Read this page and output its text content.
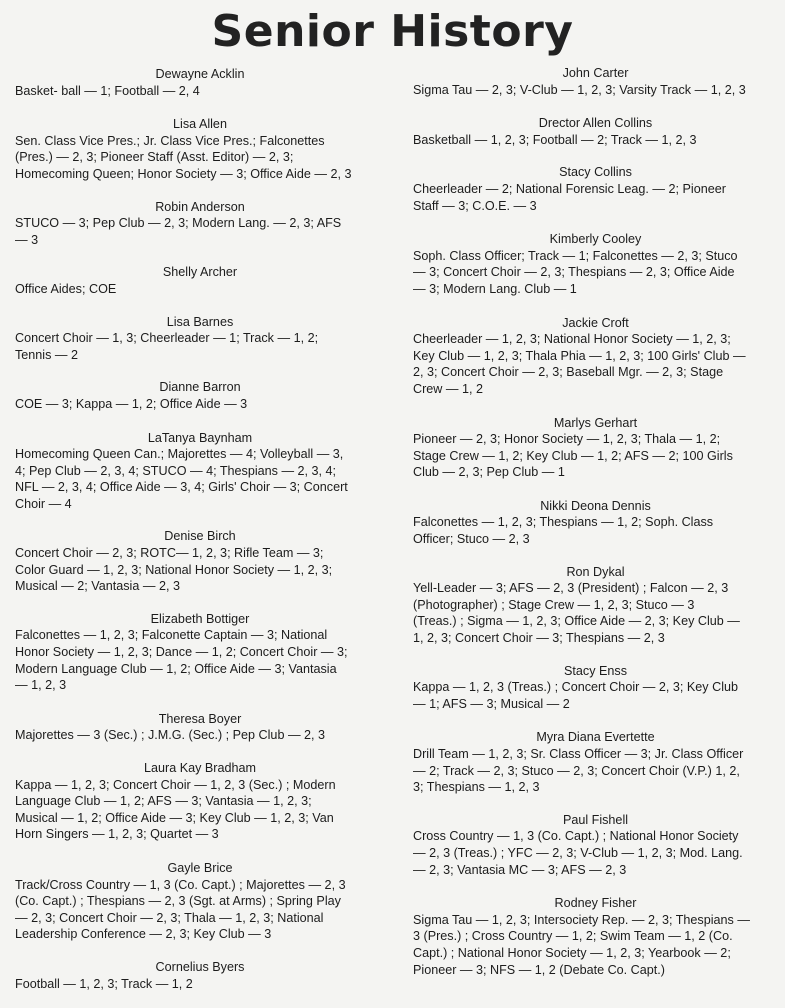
Senior History
Dewayne Acklin
Basket- ball — 1; Football — 2, 4
Lisa Allen
Sen. Class Vice Pres.; Jr. Class Vice Pres.; Falconettes
(Pres.) — 2, 3; Pioneer Staff (Asst. Editor) — 2, 3;
Homecoming Queen; Honor Society — 3; Office Aide — 2, 3
Robin Anderson
STUCO — 3; Pep Club — 2, 3; Modern Lang. — 2, 3; AFS
— 3
Shelly Archer
Office Aides; COE
Lisa Barnes
Concert Choir — 1, 3; Cheerleader — 1; Track — 1, 2;
Tennis — 2
Dianne Barron
COE — 3; Kappa — 1, 2; Office Aide — 3
LaTanya Baynham
Homecoming Queen Can.; Majorettes — 4; Volleyball — 3,
4; Pep Club — 2, 3, 4; STUCO — 4; Thespians — 2, 3, 4;
NFL — 2, 3, 4; Office Aide — 3, 4; Girls' Choir — 3; Concert
Choir — 4
Denise Birch
Concert Choir — 2, 3; ROTC— 1, 2, 3; Rifle Team — 3;
Color Guard — 1, 2, 3; National Honor Society — 1, 2, 3;
Musical — 2; Vantasia — 2, 3
Elizabeth Bottiger
Falconettes — 1, 2, 3; Falconette Captain — 3; National
Honor Society — 1, 2, 3; Dance — 1, 2; Concert Choir — 3;
Modern Language Club — 1, 2; Office Aide — 3; Vantasia
— 1, 2, 3
Theresa Boyer
Majorettes — 3 (Sec.) ; J.M.G. (Sec.) ; Pep Club — 2, 3
Laura Kay Bradham
Kappa — 1, 2, 3; Concert Choir — 1, 2, 3 (Sec.) ; Modern
Language Club — 1, 2; AFS — 3; Vantasia — 1, 2, 3;
Musical — 1, 2; Office Aide — 3; Key Club — 1, 2, 3; Van
Horn Singers — 1, 2, 3; Quartet — 3
Gayle Brice
Track/Cross Country — 1, 3 (Co. Capt.) ; Majorettes — 2, 3
(Co. Capt.) ; Thespians — 2, 3 (Sgt. at Arms) ; Spring Play
— 2, 3; Concert Choir — 2, 3; Thala — 1, 2, 3; National
Leadership Conference — 2, 3; Key Club — 3
Cornelius Byers
Football — 1, 2, 3; Track — 1, 2
John Carter
Sigma Tau — 2, 3; V-Club — 1, 2, 3; Varsity Track — 1, 2, 3
Drector Allen Collins
Basketball — 1, 2, 3; Football — 2; Track — 1, 2, 3
Stacy Collins
Cheerleader — 2; National Forensic Leag. — 2; Pioneer
Staff — 3; C.O.E. — 3
Kimberly Cooley
Soph. Class Officer; Track — 1; Falconettes — 2, 3; Stuco
— 3; Concert Choir — 2, 3; Thespians — 2, 3; Office Aide
— 3; Modern Lang. Club — 1
Jackie Croft
Cheerleader — 1, 2, 3; National Honor Society — 1, 2, 3;
Key Club — 1, 2, 3; Thala Phia — 1, 2, 3; 100 Girls' Club —
2, 3; Concert Choir — 2, 3; Baseball Mgr. — 2, 3; Stage
Crew — 1, 2
Marlys Gerhart
Pioneer — 2, 3; Honor Society — 1, 2, 3; Thala — 1, 2;
Stage Crew — 1, 2; Key Club — 1, 2; AFS — 2; 100 Girls
Club — 2, 3; Pep Club — 1
Nikki Deona Dennis
Falconettes — 1, 2, 3; Thespians — 1, 2; Soph. Class
Officer; Stuco — 2, 3
Ron Dykal
Yell-Leader — 3; AFS — 2, 3 (President) ; Falcon — 2, 3
(Photographer) ; Stage Crew — 1, 2, 3; Stuco — 3
(Treas.) ; Sigma — 1, 2, 3; Office Aide — 2, 3; Key Club —
1, 2, 3; Concert Choir — 3; Thespians — 2, 3
Stacy Enss
Kappa — 1, 2, 3 (Treas.) ; Concert Choir — 2, 3; Key Club
— 1; AFS — 3; Musical — 2
Myra Diana Evertette
Drill Team — 1, 2, 3; Sr. Class Officer — 3; Jr. Class Officer
— 2; Track — 2, 3; Stuco — 2, 3; Concert Choir (V.P.) 1, 2,
3; Thespians — 1, 2, 3
Paul Fishell
Cross Country — 1, 3 (Co. Capt.) ; National Honor Society
— 2, 3 (Treas.) ; YFC — 2, 3; V-Club — 1, 2, 3; Mod. Lang.
— 2, 3; Vantasia MC — 3; AFS — 2, 3
Rodney Fisher
Sigma Tau — 1, 2, 3; Intersociety Rep. — 2, 3; Thespians —
3 (Pres.) ; Cross Country — 1, 2; Swim Team — 1, 2 (Co.
Capt.) ; National Honor Society — 1, 2, 3; Yearbook — 2;
Pioneer — 3; NFS — 1, 2 (Debate Co. Capt.)
